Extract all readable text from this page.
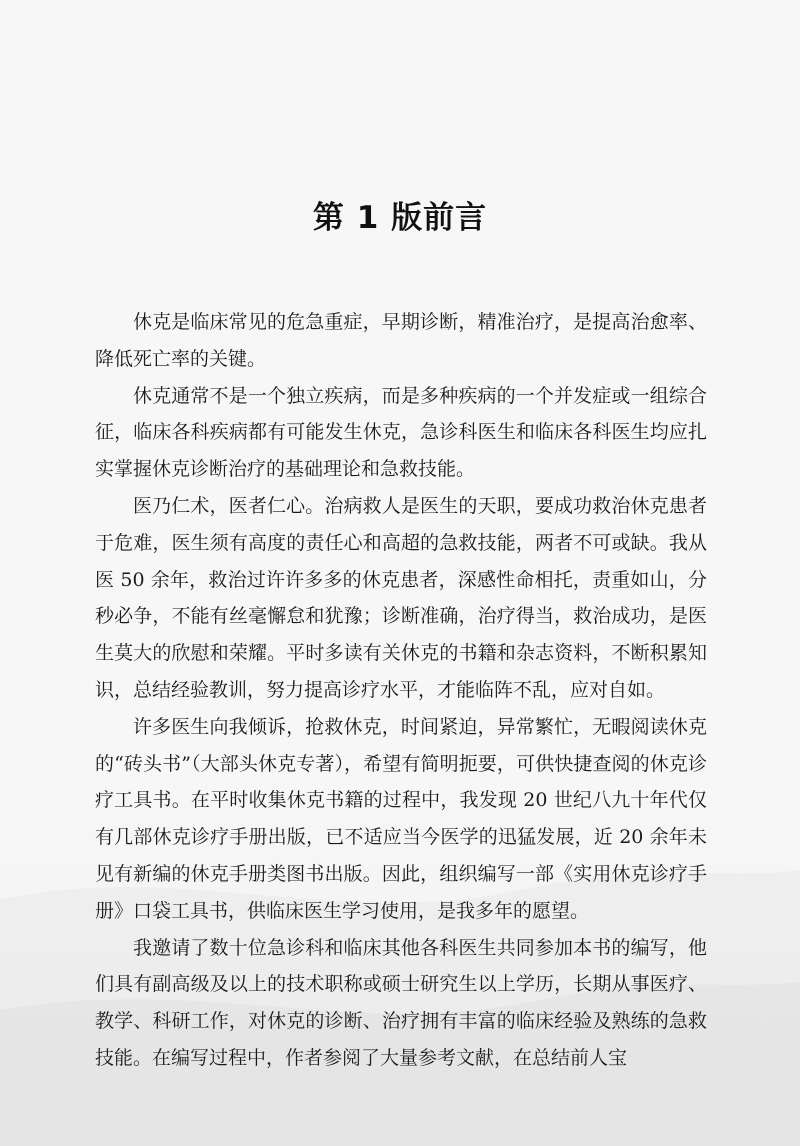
第 1 版前言

休克是临床常见的危急重症，早期诊断，精准治疗，是提高治愈率、降低死亡率的关键。

休克通常不是一个独立疾病，而是多种疾病的一个并发症或一组综合征，临床各科疾病都有可能发生休克，急诊科医生和临床各科医生均应扎实掌握休克诊断治疗的基础理论和急救技能。

医乃仁术，医者仁心。治病救人是医生的天职，要成功救治休克患者于危难，医生须有高度的责任心和高超的急救技能，两者不可或缺。我从医 50 余年，救治过许许多多的休克患者，深感性命相托，责重如山，分秒必争，不能有丝毫懈怠和犹豫；诊断准确，治疗得当，救治成功，是医生莫大的欣慰和荣耀。平时多读有关休克的书籍和杂志资料，不断积累知识，总结经验教训，努力提高诊疗水平，才能临阵不乱，应对自如。

许多医生向我倾诉，抢救休克，时间紧迫，异常繁忙，无暇阅读休克的“砖头书”（大部头休克专著），希望有简明扼要，可供快捷查阅的休克诊疗工具书。在平时收集休克书籍的过程中，我发现 20 世纪八九十年代仅有几部休克诊疗手册出版，已不适应当今医学的迅猛发展，近 20 余年未见有新编的休克手册类图书出版。因此，组织编写一部《实用休克诊疗手册》口袋工具书，供临床医生学习使用，是我多年的愿望。

我邀请了数十位急诊科和临床其他各科医生共同参加本书的编写，他们具有副高级及以上的技术职称或硕士研究生以上学历，长期从事医疗、教学、科研工作，对休克的诊断、治疗拥有丰富的临床经验及熟练的急救技能。在编写过程中，作者参阅了大量参考文献，在总结前人宝
